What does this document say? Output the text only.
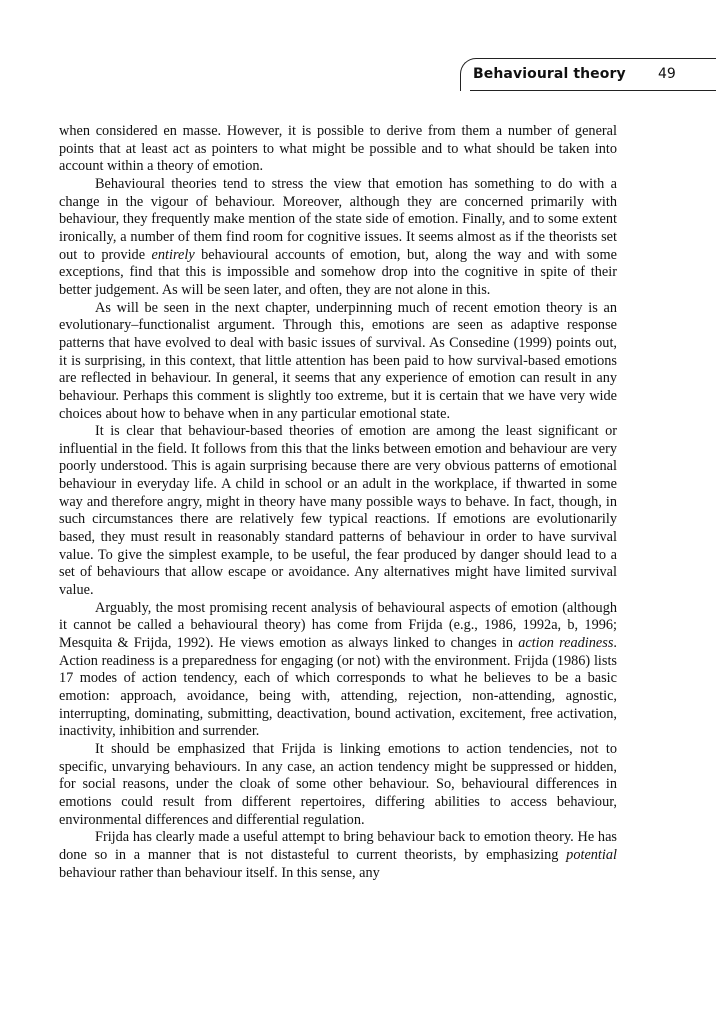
Behavioural theory 49

when considered en masse. However, it is possible to derive from them a number of general points that at least act as pointers to what might be possible and to what should be taken into account within a theory of emotion.

Behavioural theories tend to stress the view that emotion has something to do with a change in the vigour of behaviour. Moreover, although they are concerned primarily with behaviour, they frequently make mention of the state side of emotion. Finally, and to some extent ironically, a number of them find room for cognitive issues. It seems almost as if the theorists set out to provide entirely behavioural accounts of emotion, but, along the way and with some exceptions, find that this is impossible and somehow drop into the cognitive in spite of their better judgement. As will be seen later, and often, they are not alone in this.

As will be seen in the next chapter, underpinning much of recent emotion theory is an evolutionary–functionalist argument. Through this, emotions are seen as adaptive response patterns that have evolved to deal with basic issues of survival. As Consedine (1999) points out, it is surprising, in this context, that little attention has been paid to how survival-based emotions are reflected in behaviour. In general, it seems that any experience of emotion can result in any behaviour. Perhaps this comment is slightly too extreme, but it is certain that we have very wide choices about how to behave when in any particular emotional state.

It is clear that behaviour-based theories of emotion are among the least significant or influential in the field. It follows from this that the links between emotion and behaviour are very poorly understood. This is again surprising because there are very obvious patterns of emotional behaviour in everyday life. A child in school or an adult in the workplace, if thwarted in some way and therefore angry, might in theory have many possible ways to behave. In fact, though, in such circumstances there are relatively few typical reactions. If emotions are evolutionarily based, they must result in reasonably standard patterns of behaviour in order to have survival value. To give the simplest example, to be useful, the fear produced by danger should lead to a set of behaviours that allow escape or avoidance. Any alternatives might have limited survival value.

Arguably, the most promising recent analysis of behavioural aspects of emotion (although it cannot be called a behavioural theory) has come from Frijda (e.g., 1986, 1992a, b, 1996; Mesquita & Frijda, 1992). He views emotion as always linked to changes in action readiness. Action readiness is a preparedness for engaging (or not) with the environment. Frijda (1986) lists 17 modes of action tendency, each of which corresponds to what he believes to be a basic emotion: approach, avoidance, being with, attending, rejection, non-attending, agnostic, interrupting, dominating, submitting, deactivation, bound activation, excitement, free activation, inactivity, inhibition and surrender.

It should be emphasized that Frijda is linking emotions to action tendencies, not to specific, unvarying behaviours. In any case, an action tendency might be suppressed or hidden, for social reasons, under the cloak of some other behaviour. So, behavioural differences in emotions could result from different repertoires, differing abilities to access behaviour, environmental differences and differential regulation.

Frijda has clearly made a useful attempt to bring behaviour back to emotion theory. He has done so in a manner that is not distasteful to current theorists, by emphasizing potential behaviour rather than behaviour itself. In this sense, any
